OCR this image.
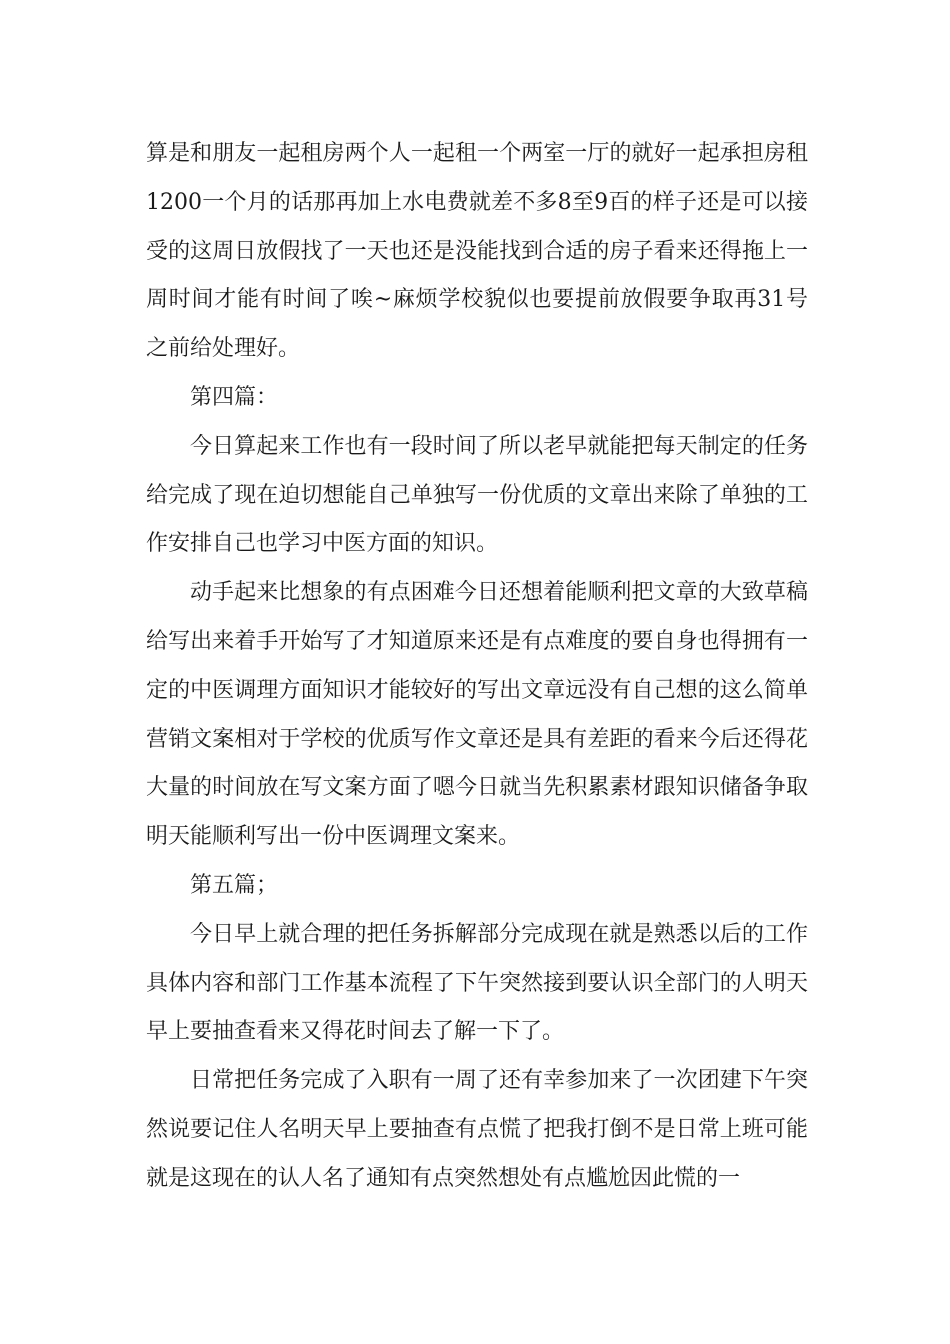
算是和朋友一起租房两个人一起租一个两室一厅的就好一起承担房租1200一个月的话那再加上水电费就差不多8至9百的样子还是可以接受的这周日放假找了一天也还是没能找到合适的房子看来还得拖上一周时间才能有时间了唉~麻烦学校貌似也要提前放假要争取再31号之前给处理好。

第四篇：

今日算起来工作也有一段时间了所以老早就能把每天制定的任务给完成了现在迫切想能自己单独写一份优质的文章出来除了单独的工作安排自己也学习中医方面的知识。

动手起来比想象的有点困难今日还想着能顺利把文章的大致草稿给写出来着手开始写了才知道原来还是有点难度的要自身也得拥有一定的中医调理方面知识才能较好的写出文章远没有自己想的这么简单营销文案相对于学校的优质写作文章还是具有差距的看来今后还得花大量的时间放在写文案方面了嗯今日就当先积累素材跟知识储备争取明天能顺利写出一份中医调理文案来。

第五篇；

今日早上就合理的把任务拆解部分完成现在就是熟悉以后的工作具体内容和部门工作基本流程了下午突然接到要认识全部门的人明天早上要抽查看来又得花时间去了解一下了。

日常把任务完成了入职有一周了还有幸参加来了一次团建下午突然说要记住人名明天早上要抽查有点慌了把我打倒不是日常上班可能就是这现在的认人名了通知有点突然想处有点尴尬因此慌的一
